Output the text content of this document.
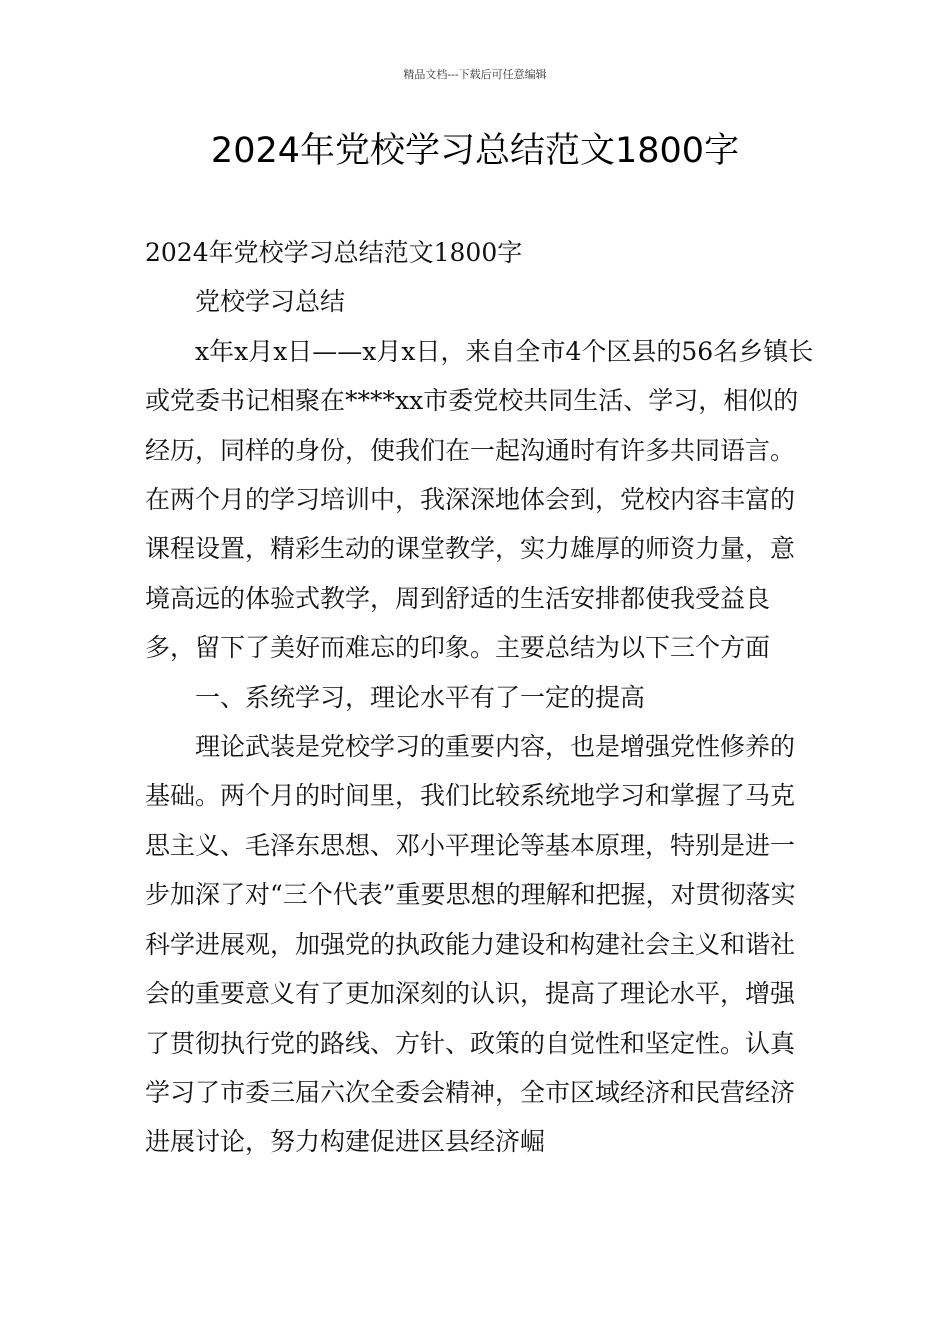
精品文档---下载后可任意编辑
2024年党校学习总结范文1800字

2024年党校学习总结范文1800字

党校学习总结

x年x月x日——x月x日，来自全市4个区县的56名乡镇长或党委书记相聚在****xx市委党校共同生活、学习，相似的经历，同样的身份，使我们在一起沟通时有许多共同语言。在两个月的学习培训中，我深深地体会到，党校内容丰富的课程设置，精彩生动的课堂教学，实力雄厚的师资力量，意境高远的体验式教学，周到舒适的生活安排都使我受益良多，留下了美好而难忘的印象。主要总结为以下三个方面

一、系统学习，理论水平有了一定的提高

理论武装是党校学习的重要内容，也是增强党性修养的基础。两个月的时间里，我们比较系统地学习和掌握了马克思主义、毛泽东思想、邓小平理论等基本原理，特别是进一步加深了对“三个代表”重要思想的理解和把握，对贯彻落实科学进展观，加强党的执政能力建设和构建社会主义和谐社会的重要意义有了更加深刻的认识，提高了理论水平，增强了贯彻执行党的路线、方针、政策的自觉性和坚定性。认真学习了市委三届六次全委会精神，全市区域经济和民营经济进展讨论，努力构建促进区县经济崛
